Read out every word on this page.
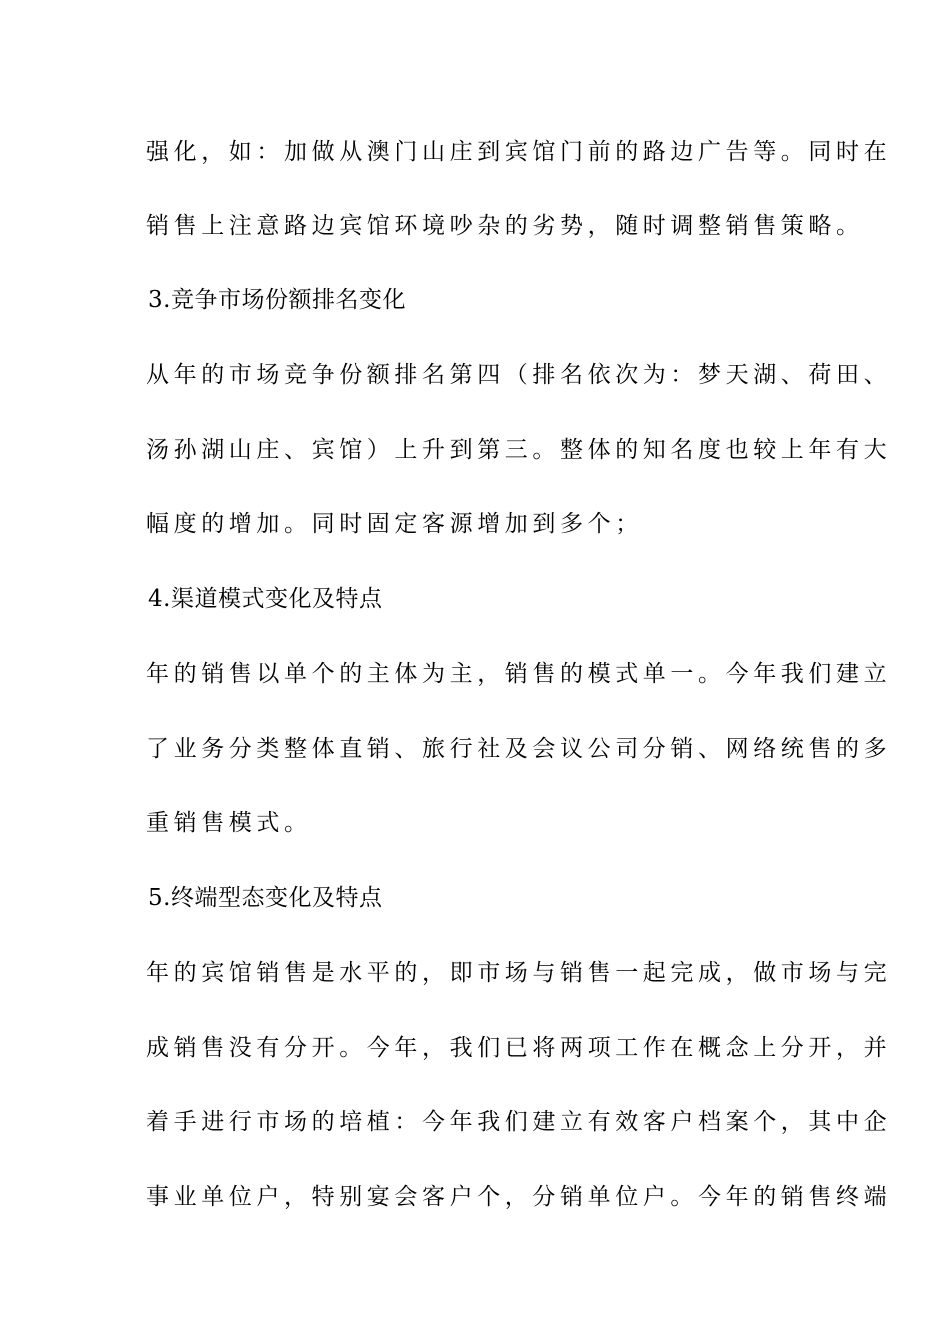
强化，如：加做从澳门山庄到宾馆门前的路边广告等。同时在
销售上注意路边宾馆环境吵杂的劣势，随时调整销售策略。
3.竞争市场份额排名变化
从年的市场竞争份额排名第四（排名依次为：梦天湖、荷田、
汤孙湖山庄、宾馆）上升到第三。整体的知名度也较上年有大
幅度的增加。同时固定客源增加到多个；
4.渠道模式变化及特点
年的销售以单个的主体为主，销售的模式单一。今年我们建立
了业务分类整体直销、旅行社及会议公司分销、网络统售的多
重销售模式。
5.终端型态变化及特点
年的宾馆销售是水平的，即市场与销售一起完成，做市场与完
成销售没有分开。今年，我们已将两项工作在概念上分开，并
着手进行市场的培植：今年我们建立有效客户档案个，其中企
事业单位户，特别宴会客户个，分销单位户。今年的销售终端
